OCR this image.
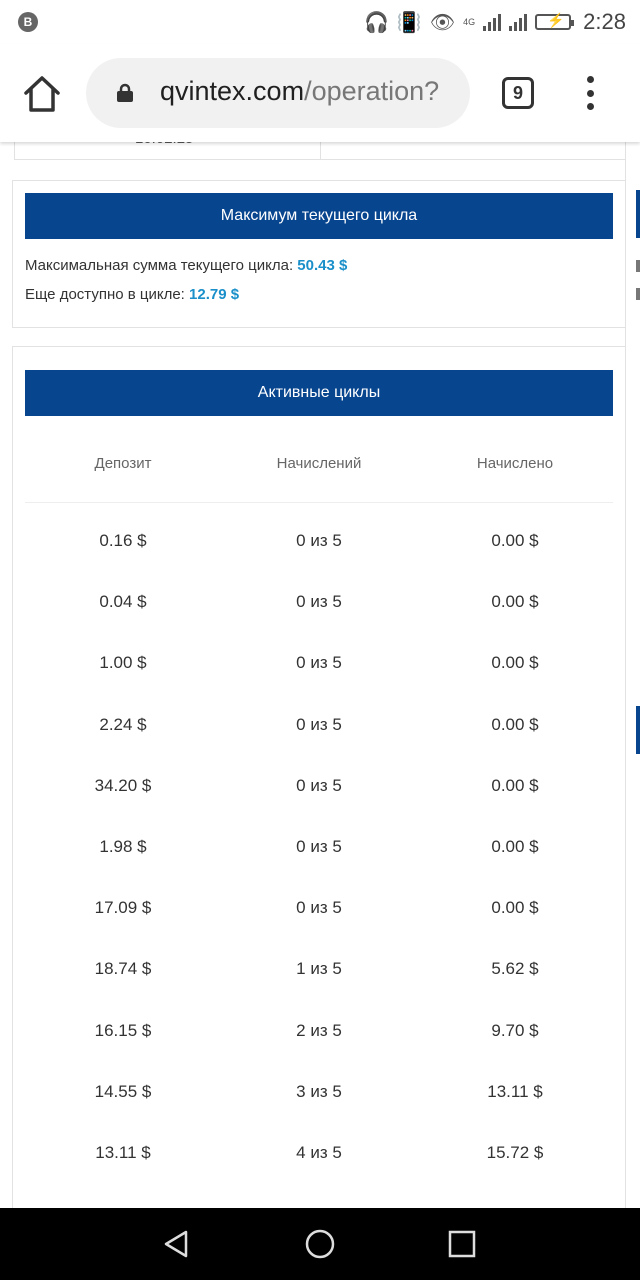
B	🎧 📳 👁 4G	⚡ 2:28
qvintex.com/operation?	9
Максимум текущего цикла
Максимальная сумма текущего цикла: 50.43 $
Еще доступно в цикле: 12.79 $
Активные циклы
Депозит	Начислений	Начислено
0.16 $	0 из 5	0.00 $
0.04 $	0 из 5	0.00 $
1.00 $	0 из 5	0.00 $
2.24 $	0 из 5	0.00 $
34.20 $	0 из 5	0.00 $
1.98 $	0 из 5	0.00 $
17.09 $	0 из 5	0.00 $
18.74 $	1 из 5	5.62 $
16.15 $	2 из 5	9.70 $
14.55 $	3 из 5	13.11 $
13.11 $	4 из 5	15.72 $
